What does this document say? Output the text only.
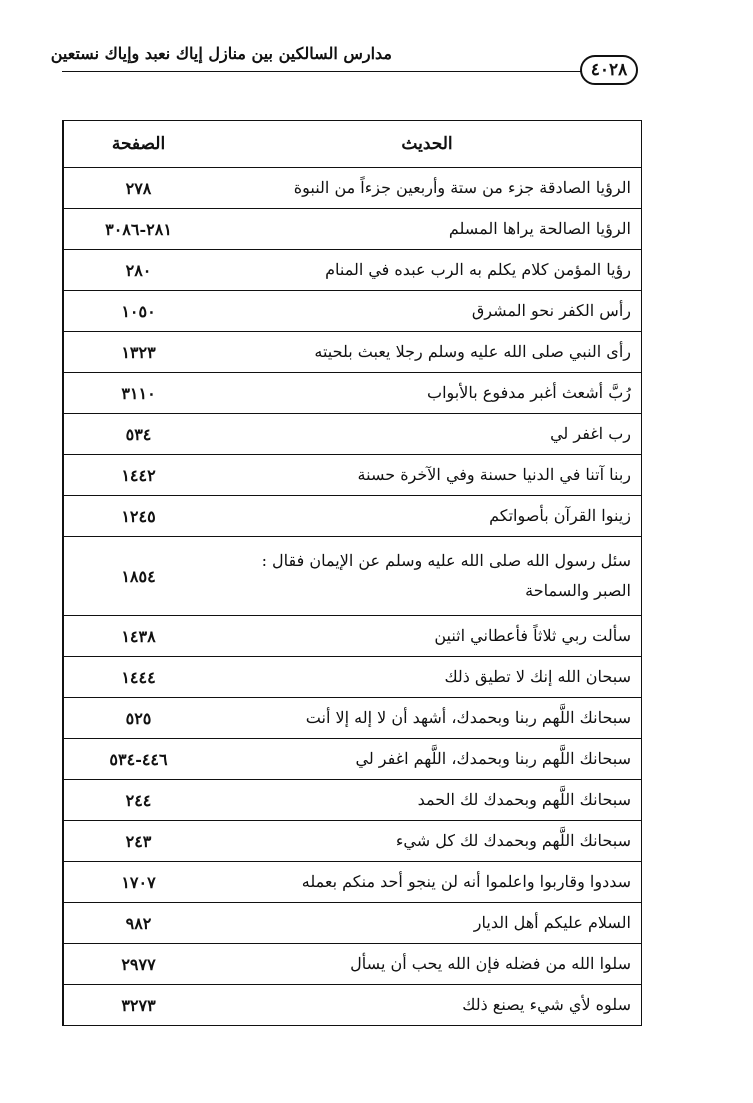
مدارس السالكين بين منازل إياك نعبد وإياك نستعين
٤٠٢٨
الحديث
الصفحة
الرؤيا الصادقة جزء من ستة وأربعين جزءاً من النبوة
٢٧٨
الرؤيا الصالحة يراها المسلم
٢٨١-٣٠٨٦
رؤيا المؤمن كلام يكلم به الرب عبده في المنام
٢٨٠
رأس الكفر نحو المشرق
١٠٥٠
رأى النبي صلى الله عليه وسلم رجلا يعبث بلحيته
١٣٢٣
رُبَّ أشعث أغبر مدفوع بالأبواب
٣١١٠
رب اغفر لي
٥٣٤
ربنا آتنا في الدنيا حسنة وفي الآخرة حسنة
١٤٤٢
زينوا القرآن بأصواتكم
١٢٤٥
سئل رسول الله صلى الله عليه وسلم عن الإيمان فقال : الصبر والسماحة
١٨٥٤
سألت ربي ثلاثاً فأعطاني اثنين
١٤٣٨
سبحان الله إنك لا تطيق ذلك
١٤٤٤
سبحانك اللَّهم ربنا وبحمدك، أشهد أن لا إله إلا أنت
٥٢٥
سبحانك اللَّهم ربنا وبحمدك، اللَّهم اغفر لي
٤٤٦-٥٣٤
سبحانك اللَّهم وبحمدك لك الحمد
٢٤٤
سبحانك اللَّهم وبحمدك لك كل شيء
٢٤٣
سددوا وقاربوا واعلموا أنه لن ينجو أحد منكم بعمله
١٧٠٧
السلام عليكم أهل الديار
٩٨٢
سلوا الله من فضله فإن الله يحب أن يسأل
٢٩٧٧
سلوه لأي شيء يصنع ذلك
٣٢٧٣
